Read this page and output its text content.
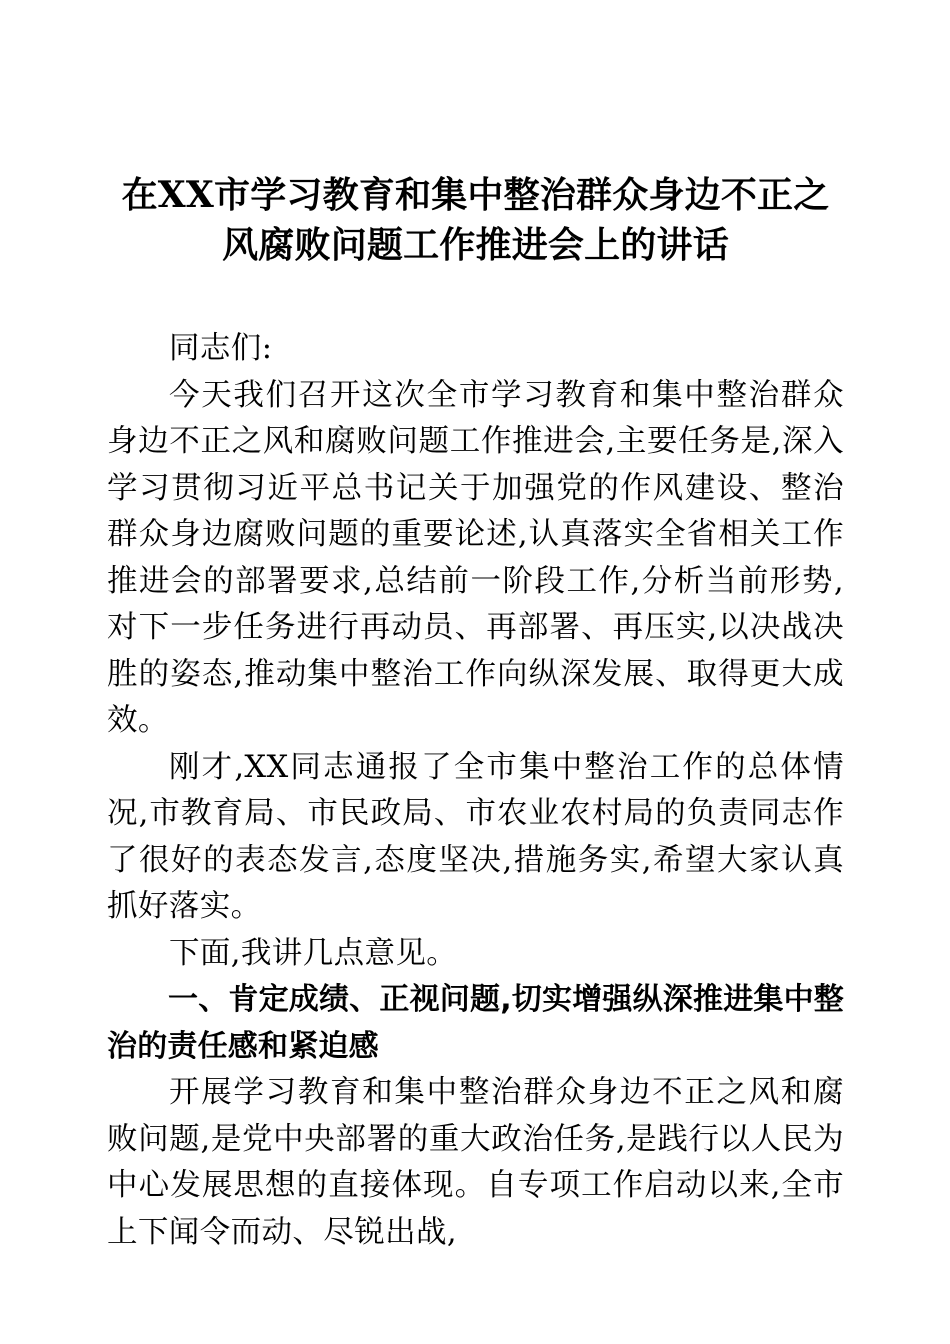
在XX市学习教育和集中整治群众身边不正之风腐败问题工作推进会上的讲话

同志们:

今天我们召开这次全市学习教育和集中整治群众身边不正之风和腐败问题工作推进会,主要任务是,深入学习贯彻习近平总书记关于加强党的作风建设、整治群众身边腐败问题的重要论述,认真落实全省相关工作推进会的部署要求,总结前一阶段工作,分析当前形势,对下一步任务进行再动员、再部署、再压实,以决战决胜的姿态,推动集中整治工作向纵深发展、取得更大成效。

刚才,XX同志通报了全市集中整治工作的总体情况,市教育局、市民政局、市农业农村局的负责同志作了很好的表态发言,态度坚决,措施务实,希望大家认真抓好落实。

下面,我讲几点意见。

一、肯定成绩、正视问题,切实增强纵深推进集中整治的责任感和紧迫感

开展学习教育和集中整治群众身边不正之风和腐败问题,是党中央部署的重大政治任务,是践行以人民为中心发展思想的直接体现。自专项工作启动以来,全市上下闻令而动、尽锐出战,
